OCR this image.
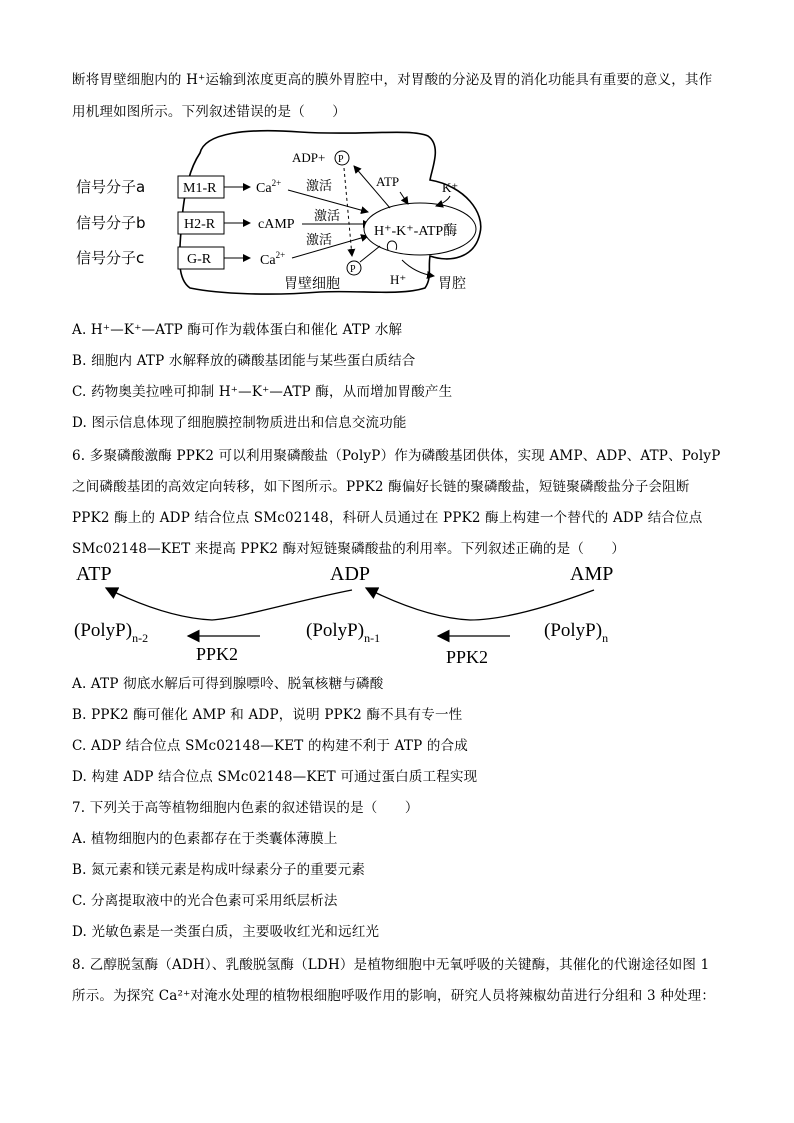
断将胃壁细胞内的 H⁺运输到浓度更高的膜外胃腔中，对胃酸的分泌及胃的消化功能具有重要的意义，其作
用机理如图所示。下列叙述错误的是（　　）
信号分子a
信号分子b
信号分子c
M1-R
H2-R
G-R
$Ca^{2+}$
cAMP
$Ca^{2+}$
激活
激活
激活
H⁺-K⁺-ATP酶
ADP+ P
P
ATP	K⁺
H⁺
胃壁细胞	胃腔
A. H⁺—K⁺—ATP 酶可作为载体蛋白和催化 ATP 水解
B. 细胞内 ATP 水解释放的磷酸基团能与某些蛋白质结合
C. 药物奥美拉唑可抑制 H⁺—K⁺—ATP 酶，从而增加胃酸产生
D. 图示信息体现了细胞膜控制物质进出和信息交流功能
6. 多聚磷酸激酶 PPK2 可以利用聚磷酸盐（PolyP）作为磷酸基团供体，实现 AMP、ADP、ATP、PolyP
之间磷酸基团的高效定向转移，如下图所示。PPK2 酶偏好长链的聚磷酸盐，短链聚磷酸盐分子会阻断
PPK2 酶上的 ADP 结合位点 SMc02148，科研人员通过在 PPK2 酶上构建一个替代的 ADP 结合位点
SMc02148—KET 来提高 PPK2 酶对短链聚磷酸盐的利用率。下列叙述正确的是（　　）
ATP	ADP	AMP
$(PolyP)_{n-2}$	$(PolyP)_{n-1}$	$(PolyP)_n$
PPK2	PPK2
A. ATP 彻底水解后可得到腺嘌呤、脱氧核糖与磷酸
B. PPK2 酶可催化 AMP 和 ADP，说明 PPK2 酶不具有专一性
C. ADP 结合位点 SMc02148—KET 的构建不利于 ATP 的合成
D. 构建 ADP 结合位点 SMc02148—KET 可通过蛋白质工程实现
7. 下列关于高等植物细胞内色素的叙述错误的是（　　）
A. 植物细胞内的色素都存在于类囊体薄膜上
B. 氮元素和镁元素是构成叶绿素分子的重要元素
C. 分离提取液中的光合色素可采用纸层析法
D. 光敏色素是一类蛋白质，主要吸收红光和远红光
8. 乙醇脱氢酶（ADH）、乳酸脱氢酶（LDH）是植物细胞中无氧呼吸的关键酶，其催化的代谢途径如图 1
所示。为探究 Ca²⁺对淹水处理的植物根细胞呼吸作用的影响，研究人员将辣椒幼苗进行分组和 3 种处理：
